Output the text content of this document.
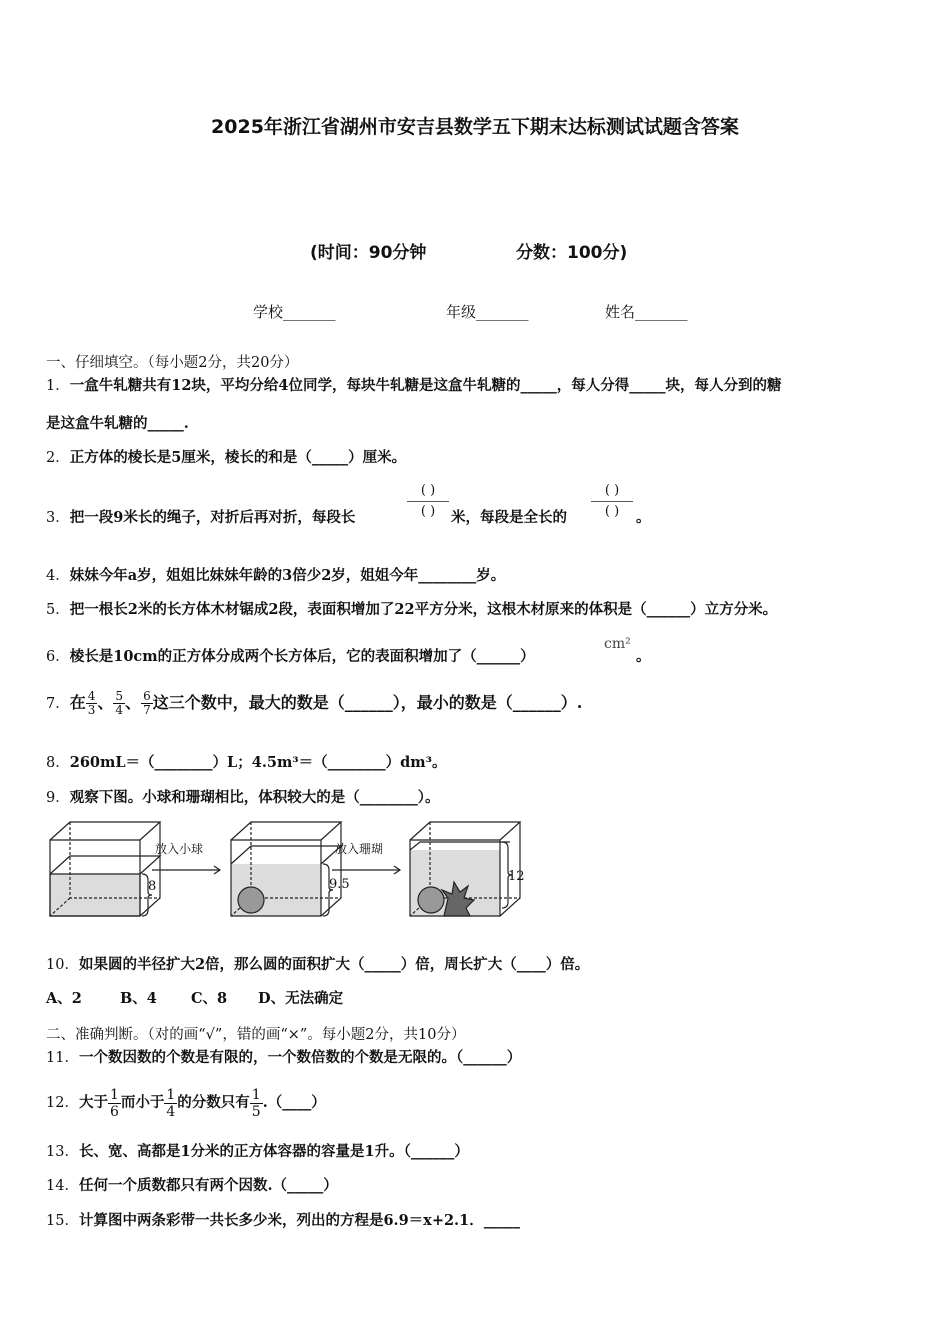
2025年浙江省湖州市安吉县数学五下期末达标测试试题含答案
(时间：90分钟	分数：100分)
学校_______	年级_______	姓名_______
一、仔细填空。（每小题2分，共20分）
1．一盒牛轧糖共有12块，平均分给4位同学，每块牛轧糖是这盒牛轧糖的_____，每人分得_____块，每人分到的糖
是这盒牛轧糖的_____.
2．正方体的棱长是5厘米，棱长的和是（_____）厘米。
3．把一段9米长的绳子，对折后再对折，每段长
( )
( )	米，每段是全长的
( )
( )	。
4．妹妹今年a岁，姐姐比妹妹年龄的3倍少2岁，姐姐今年________岁。
5．把一根长2米的长方体木材锯成2段，表面积增加了22平方分米，这根木材原来的体积是（______）立方分米。
6．棱长是10cm的正方体分成两个长方体后，它的表面积增加了（______）
cm²
。
7．在 $\frac{4}{3}$ 、 $\frac{5}{4}$ 、 $\frac{6}{7}$ 这三个数中，最大的数是（______），最小的数是（______）.
8．260mL＝（________）L；4.5m³＝（________）dm³。
9．观察下图。小球和珊瑚相比，体积较大的是（________）。
放入小球	放入珊瑚
8	9.5
12
10．如果圆的半径扩大2倍，那么圆的面积扩大（_____）倍，周长扩大（____）倍。
A、2	B、4 C、8 D、无法确定
二、准确判断。（对的画“√”，错的画“×”。每小题2分，共10分）
11．一个数因数的个数是有限的，一个数倍数的个数是无限的。（______）
12．大于 $\frac{1}{6}$ 而小于 $\frac{1}{4}$ 的分数只有 $\frac{1}{5}$ .（____）
13．长、宽、高都是1分米的正方体容器的容量是1升。（______）
14．任何一个质数都只有两个因数.（_____）
15．计算图中两条彩带一共长多少米，列出的方程是6.9＝x+2.1．_____
